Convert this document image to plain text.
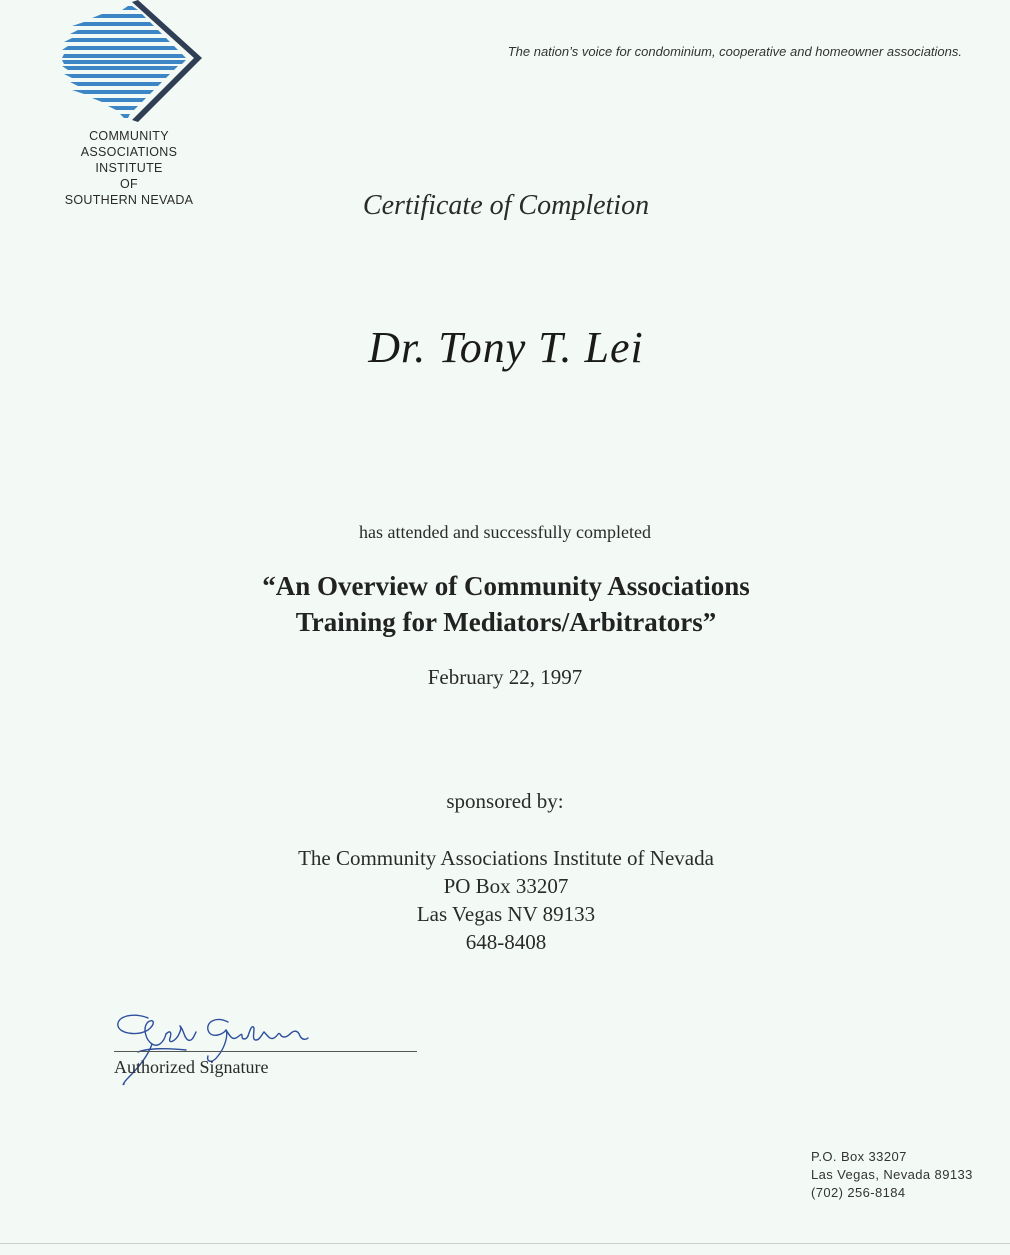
COMMUNITY
ASSOCIATIONS
INSTITUTE
OF
SOUTHERN NEVADA
The nation’s voice for condominium, cooperative and homeowner associations.
Certificate of Completion
Dr. Tony T. Lei
has attended and successfully completed
“An Overview of Community Associations
Training for Mediators/Arbitrators”
February 22, 1997
sponsored by:
The Community Associations Institute of Nevada
PO Box 33207
Las Vegas NV 89133
648-8408
Authorized Signature
P.O. Box 33207
Las Vegas, Nevada 89133
(702) 256-8184
